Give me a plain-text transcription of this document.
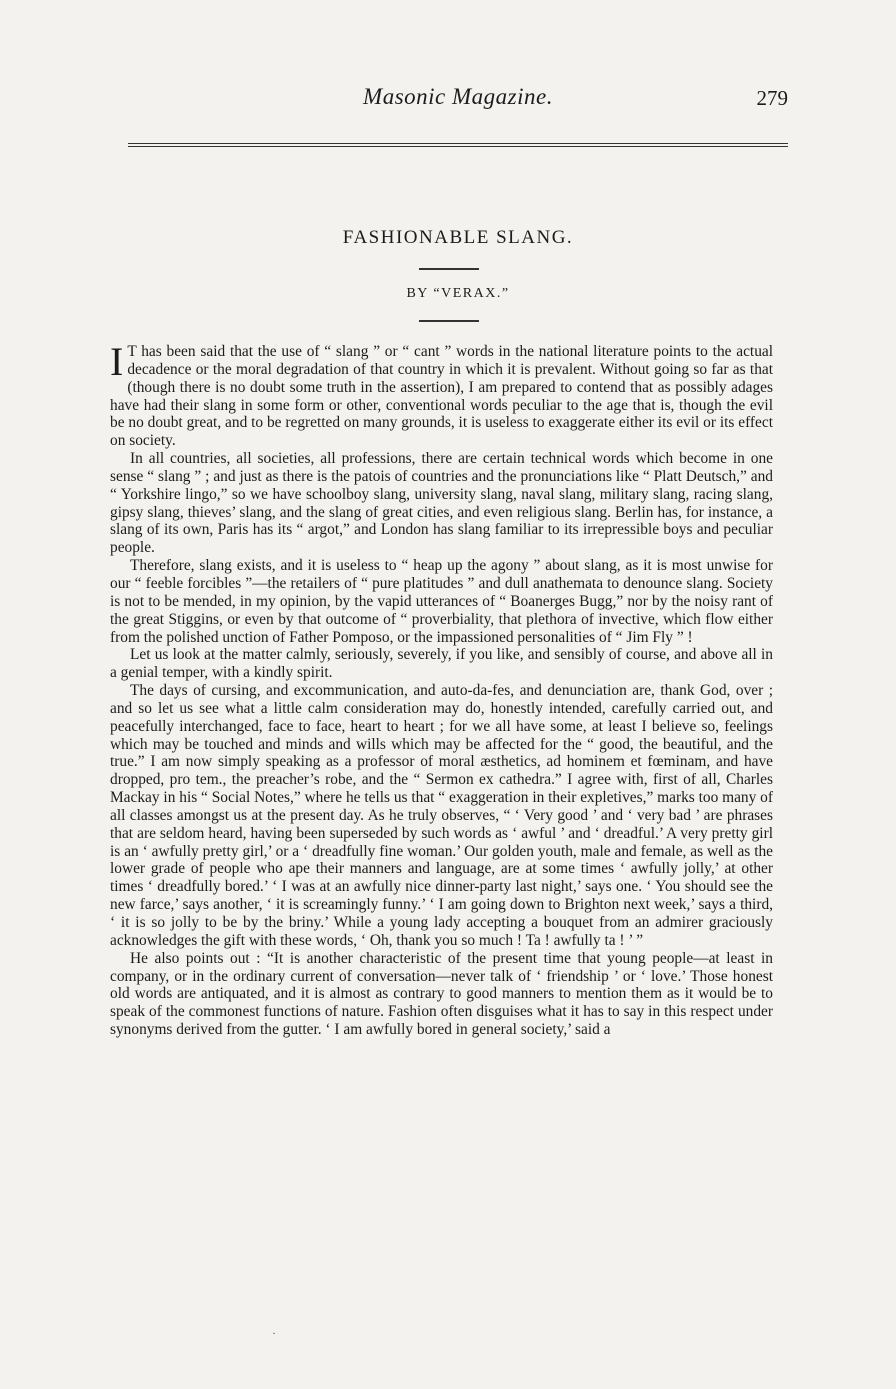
Masonic Magazine.	279
FASHIONABLE SLANG.
BY “VERAX.”

I T has been said that the use of “ slang ” or “ cant ” words in the national literature points to the actual decadence or the moral degradation of that country in which it is prevalent. Without going so far as that (though there is no doubt some truth in the assertion), I am prepared to contend that as possibly adages have had their slang in some form or other, conventional words peculiar to the age that is, though the evil be no doubt great, and to be regretted on many grounds, it is useless to exaggerate either its evil or its effect on society.

In all countries, all societies, all professions, there are certain technical words which become in one sense “ slang ” ; and just as there is the patois of countries and the pronunciations like “ Platt Deutsch,” and “ Yorkshire lingo,” so we have schoolboy slang, university slang, naval slang, military slang, racing slang, gipsy slang, thieves’ slang, and the slang of great cities, and even religious slang. Berlin has, for instance, a slang of its own, Paris has its “ argot,” and London has slang familiar to its irrepressible boys and peculiar people.

Therefore, slang exists, and it is useless to “ heap up the agony ” about slang, as it is most unwise for our “ feeble forcibles ”—the retailers of “ pure platitudes ” and dull anathemata to denounce slang. Society is not to be mended, in my opinion, by the vapid utterances of “ Boanerges Bugg,” nor by the noisy rant of the great Stiggins, or even by that outcome of “ proverbiality, that plethora of invective, which flow either from the polished unction of Father Pomposo, or the impassioned personalities of “ Jim Fly ” !

Let us look at the matter calmly, seriously, severely, if you like, and sensibly of course, and above all in a genial temper, with a kindly spirit.

The days of cursing, and excommunication, and auto-da-fes, and denunciation are, thank God, over ; and so let us see what a little calm consideration may do, honestly intended, carefully carried out, and peacefully interchanged, face to face, heart to heart ; for we all have some, at least I believe so, feelings which may be touched and minds and wills which may be affected for the “ good, the beautiful, and the true.” I am now simply speaking as a professor of moral æsthetics, ad hominem et fœminam, and have dropped, pro tem., the preacher’s robe, and the “ Sermon ex cathedra.” I agree with, first of all, Charles Mackay in his “ Social Notes,” where he tells us that “ exaggeration in their expletives,” marks too many of all classes amongst us at the present day. As he truly observes, “ ‘ Very good ’ and ‘ very bad ’ are phrases that are seldom heard, having been superseded by such words as ‘ awful ’ and ‘ dreadful.’ A very pretty girl is an ‘ awfully pretty girl,’ or a ‘ dreadfully fine woman.’ Our golden youth, male and female, as well as the lower grade of people who ape their manners and language, are at some times ‘ awfully jolly,’ at other times ‘ dreadfully bored.’ ‘ I was at an awfully nice dinner-party last night,’ says one. ‘ You should see the new farce,’ says another, ‘ it is screamingly funny.’ ‘ I am going down to Brighton next week,’ says a third, ‘ it is so jolly to be by the briny.’ While a young lady accepting a bouquet from an admirer graciously acknowledges the gift with these words, ‘ Oh, thank you so much ! Ta ! awfully ta ! ’ ”

He also points out : “It is another characteristic of the present time that young people—at least in company, or in the ordinary current of conversation—never talk of ‘ friendship ’ or ‘ love.’ Those honest old words are antiquated, and it is almost as contrary to good manners to mention them as it would be to speak of the commonest functions of nature. Fashion often disguises what it has to say in this respect under synonyms derived from the gutter. ‘ I am awfully bored in general society,’ said a

·
